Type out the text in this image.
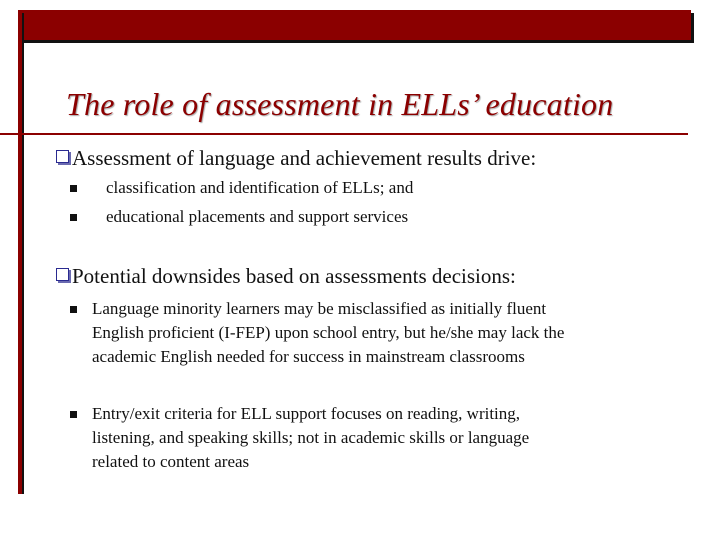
The role of assessment in ELLs’ education
Assessment of language and achievement results drive:
classification and identification of ELLs; and
educational placements and support services
Potential downsides based on assessments decisions:
Language minority learners may be misclassified as initially fluent
English proficient (I-FEP) upon school entry, but he/she may lack the
academic English needed for success in mainstream classrooms
Entry/exit criteria for ELL support focuses on reading, writing,
listening, and speaking skills; not in academic skills or language
related to content areas
